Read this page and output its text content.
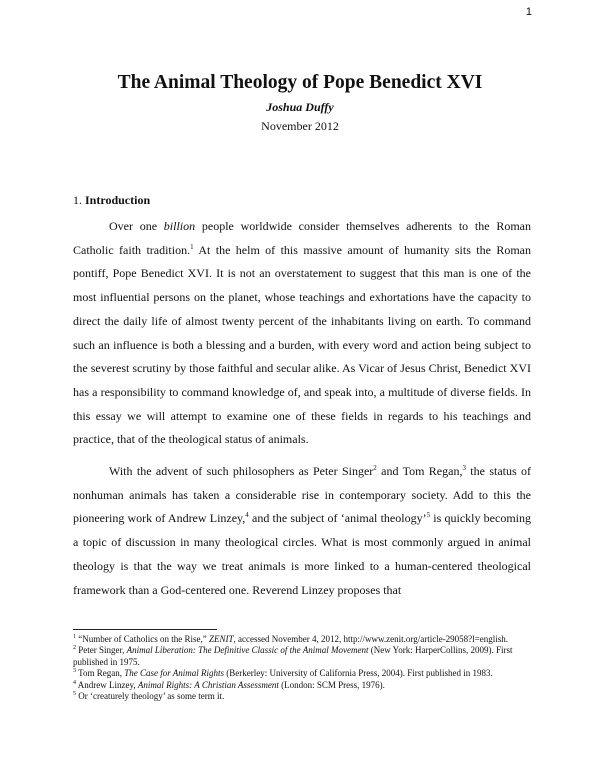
1
The Animal Theology of Pope Benedict XVI
Joshua Duffy
November 2012
1. Introduction

Over one billion people worldwide consider themselves adherents to the Roman Catholic faith tradition.$^1$ At the helm of this massive amount of humanity sits the Roman pontiff, Pope Benedict XVI. It is not an overstatement to suggest that this man is one of the most influential persons on the planet, whose teachings and exhortations have the capacity to direct the daily life of almost twenty percent of the inhabitants living on earth. To command such an influence is both a blessing and a burden, with every word and action being subject to the severest scrutiny by those faithful and secular alike. As Vicar of Jesus Christ, Benedict XVI has a responsibility to command knowledge of, and speak into, a multitude of diverse fields. In this essay we will attempt to examine one of these fields in regards to his teachings and practice, that of the theological status of animals.

With the advent of such philosophers as Peter Singer$^2$ and Tom Regan,$^3$ the status of nonhuman animals has taken a considerable rise in contemporary society. Add to this the pioneering work of Andrew Linzey,$^4$ and the subject of ‘animal theology’$^5$ is quickly becoming a topic of discussion in many theological circles. What is most commonly argued in animal theology is that the way we treat animals is more linked to a human-centered theological framework than a God-centered one. Reverend Linzey proposes that

$^1$ “Number of Catholics on the Rise,” ZENIT, accessed November 4, 2012, http://www.zenit.org/article-29058?l=english.

$^2$ Peter Singer, Animal Liberation: The Definitive Classic of the Animal Movement (New York: HarperCollins, 2009). First published in 1975.

$^3$ Tom Regan, The Case for Animal Rights (Berkerley: University of California Press, 2004). First published in 1983.

$^4$ Andrew Linzey, Animal Rights: A Christian Assessment (London: SCM Press, 1976).

$^5$ Or ‘creaturely theology’ as some term it.
